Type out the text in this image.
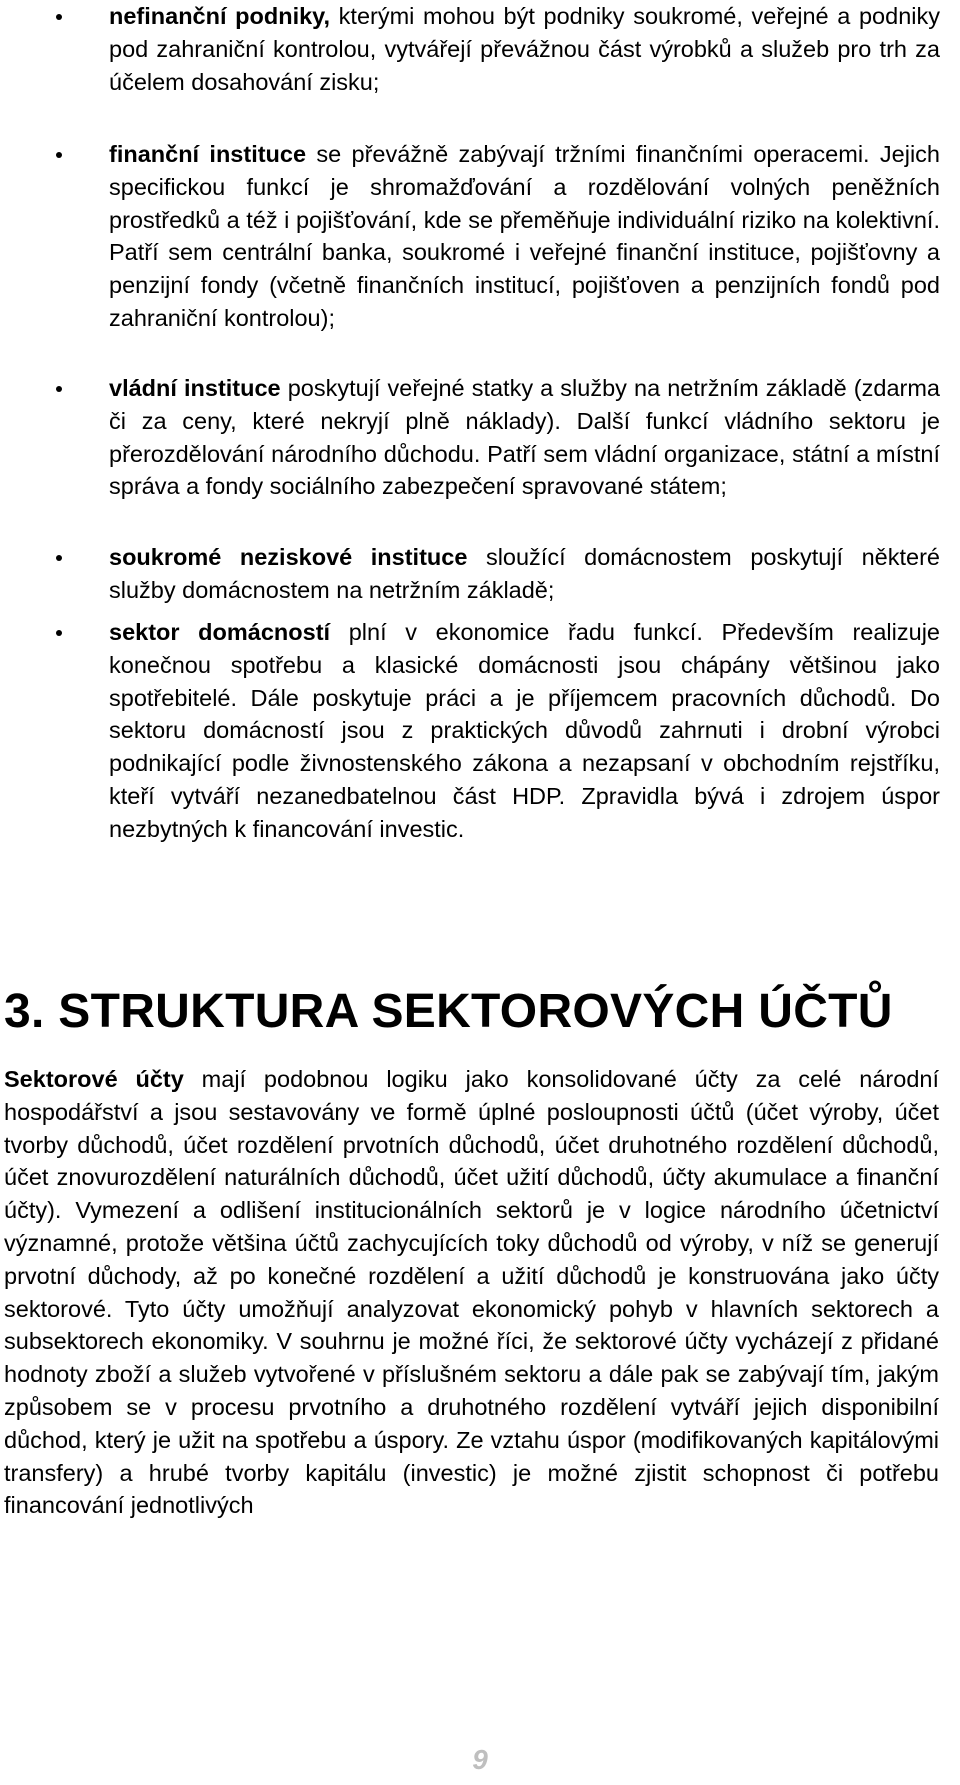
nefinanční podniky, kterými mohou být podniky soukromé, veřejné a podniky pod zahraniční kontrolou, vytvářejí převážnou část výrobků a služeb pro trh za účelem dosahování zisku;
finanční instituce se převážně zabývají tržními finančními operacemi. Jejich specifickou funkcí je shromažďování a rozdělování volných peněžních prostředků a též i pojišťování, kde se přeměňuje individuální riziko na kolektivní. Patří sem centrální banka, soukromé i veřejné finanční instituce, pojišťovny a penzijní fondy (včetně finančních institucí, pojišťoven a penzijních fondů pod zahraniční kontrolou);
vládní instituce poskytují veřejné statky a služby na netržním základě (zdarma či za ceny, které nekryjí plně náklady). Další funkcí vládního sektoru je přerozdělování národního důchodu. Patří sem vládní organizace, státní a místní správa a fondy sociálního zabezpečení spravované státem;
soukromé neziskové instituce sloužící domácnostem poskytují některé služby domácnostem na netržním základě;
sektor domácností plní v ekonomice řadu funkcí. Především realizuje konečnou spotřebu a klasické domácnosti jsou chápány většinou jako spotřebitelé. Dále poskytuje práci a je příjemcem pracovních důchodů. Do sektoru domácností jsou z praktických důvodů zahrnuti i drobní výrobci podnikající podle živnostenského zákona a nezapsaní v obchodním rejstříku, kteří vytváří nezanedbatelnou část HDP. Zpravidla bývá i zdrojem úspor nezbytných k financování investic.
3. STRUKTURA SEKTOROVÝCH ÚČTŮ

Sektorové účty mají podobnou logiku jako konsolidované účty za celé národní hospodářství a jsou sestavovány ve formě úplné posloupnosti účtů (účet výroby, účet tvorby důchodů, účet rozdělení prvotních důchodů, účet druhotného rozdělení důchodů, účet znovurozdělení naturálních důchodů, účet užití důchodů, účty akumulace a finanční účty). Vymezení a odlišení institucionálních sektorů je v logice národního účetnictví významné, protože většina účtů zachycujících toky důchodů od výroby, v níž se generují prvotní důchody, až po konečné rozdělení a užití důchodů je konstruována jako účty sektorové. Tyto účty umožňují analyzovat ekonomický pohyb v hlavních sektorech a subsektorech ekonomiky. V souhrnu je možné říci, že sektorové účty vycházejí z přidané hodnoty zboží a služeb vytvořené v příslušném sektoru a dále pak se zabývají tím, jakým způsobem se v procesu prvotního a druhotného rozdělení vytváří jejich disponibilní důchod, který je užit na spotřebu a úspory. Ze vztahu úspor (modifikovaných kapitálovými transfery) a hrubé tvorby kapitálu (investic) je možné zjistit schopnost či potřebu financování jednotlivých

9
